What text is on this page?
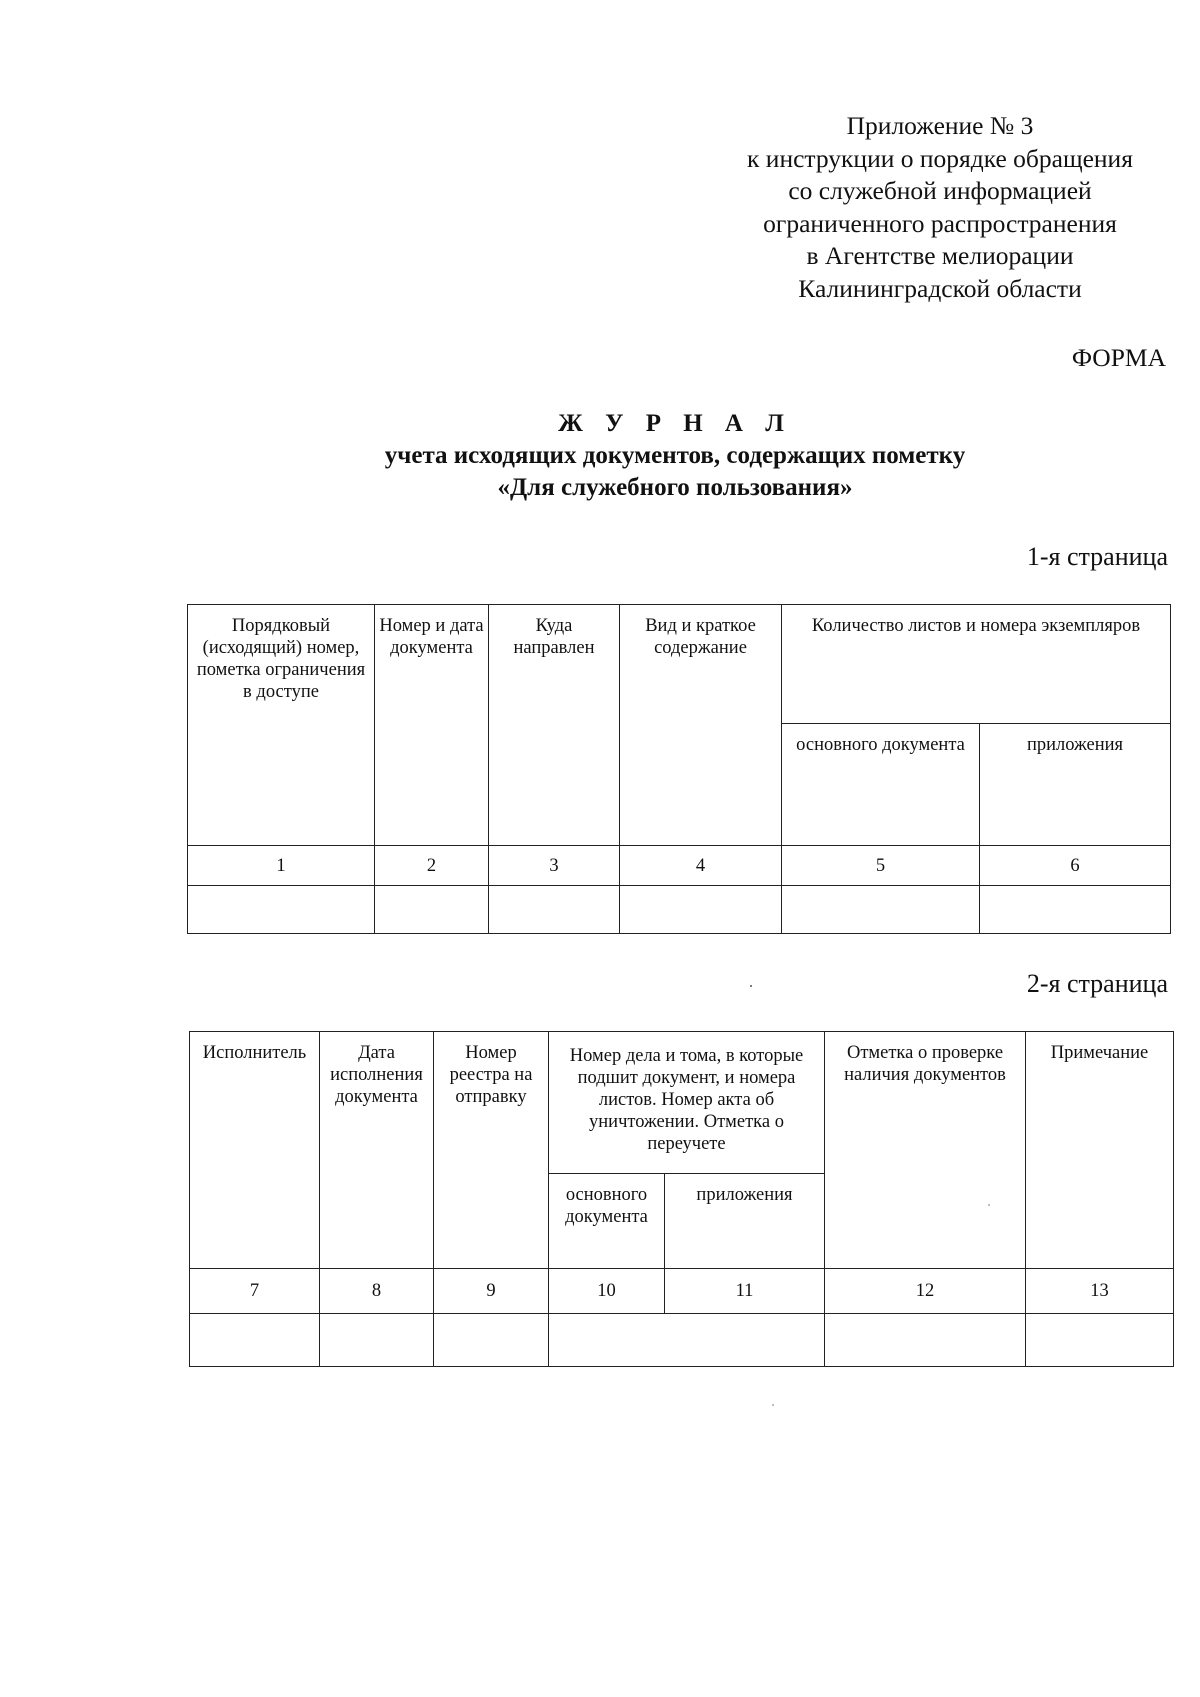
Приложение № 3
к инструкции о порядке обращения
со служебной информацией
ограниченного распространения
в Агентстве мелиорации
Калининградской области
ФОРМА
Ж У Р Н А Л
учета исходящих документов, содержащих пометку
«Для служебного пользования»
1-я страница
Порядковый (исходящий) номер, пометка ограничения в доступе	Номер и дата документа	Куда направлен	Вид и краткое содержание	Количество листов и номера экземпляров	
				основного документа	приложения
1	2	3	4	5	6

2-я страница
Исполнитель	Дата исполнения документа	Номер реестра на отправку	Номер дела и тома, в которые подшит документ, и номера листов. Номер акта об уничтожении. Отметка о переучете		Отметка о проверке наличия документов	Примечание
			основного документа	приложения		
7	8	9	10	11	12	13
